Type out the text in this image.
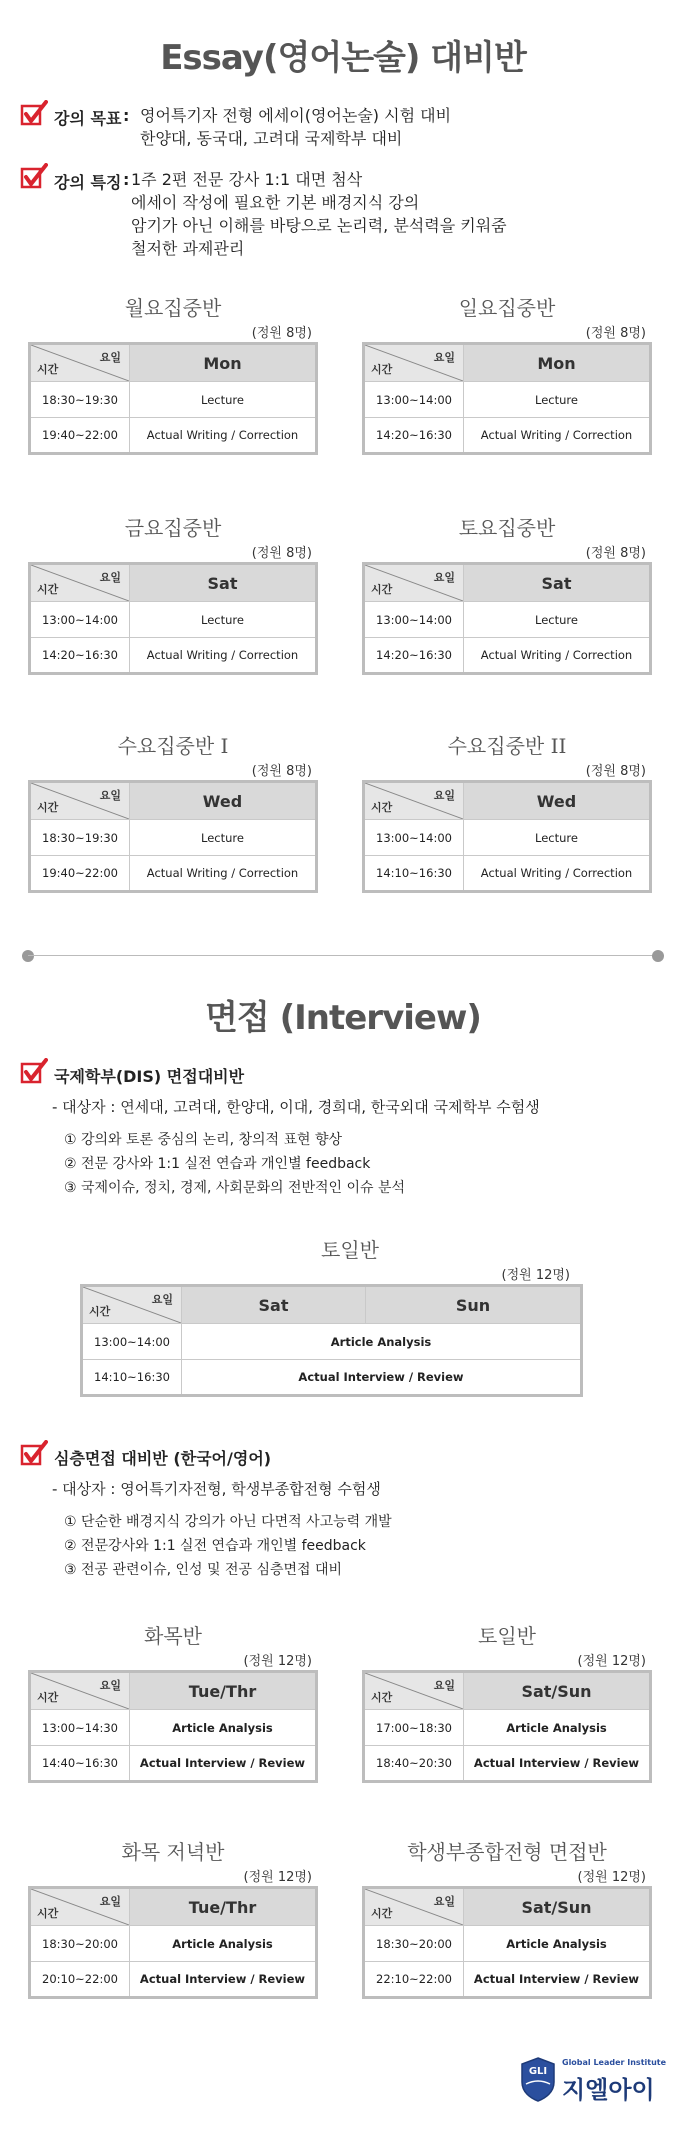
Essay(영어논술) 대비반
강의 목표 : 영어특기자 전형 에세이(영어논술) 시험 대비
한양대, 동국대, 고려대 국제학부 대비
강의 특징 : 1주 2편 전문 강사 1:1 대면 첨삭
에세이 작성에 필요한 기본 배경지식 강의
암기가 아닌 이해를 바탕으로 논리력, 분석력을 키워줌
철저한 과제관리
월요집중반
(정원 8명)
요일
시간	Mon
18:30~19:30	Lecture
19:40~22:00	Actual Writing / Correction
일요집중반
(정원 8명)
요일
시간	Mon
13:00~14:00	Lecture
14:20~16:30	Actual Writing / Correction
금요집중반
(정원 8명)
요일
시간	Sat
13:00~14:00	Lecture
14:20~16:30	Actual Writing / Correction
토요집중반
(정원 8명)
요일
시간	Sat
13:00~14:00	Lecture
14:20~16:30	Actual Writing / Correction
수요집중반 I
(정원 8명)
요일
시간	Wed
18:30~19:30	Lecture
19:40~22:00	Actual Writing / Correction
수요집중반 II
(정원 8명)
요일
시간	Wed
13:00~14:00	Lecture
14:10~16:30	Actual Writing / Correction
면접 (Interview)
국제학부(DIS) 면접대비반
- 대상자 : 연세대, 고려대, 한양대, 이대, 경희대, 한국외대 국제학부 수험생
① 강의와 토론 중심의 논리, 창의적 표현 향상
② 전문 강사와 1:1 실전 연습과 개인별 feedback
③ 국제이슈, 정치, 경제, 사회문화의 전반적인 이슈 분석
토일반
(정원 12명)
요일
시간	Sat	Sun
13:00~14:00	Article Analysis	
14:10~16:30	Actual Interview / Review	
심층면접 대비반 (한국어/영어)
- 대상자 : 영어특기자전형, 학생부종합전형 수험생
① 단순한 배경지식 강의가 아닌 다면적 사고능력 개발
② 전문강사와 1:1 실전 연습과 개인별 feedback
③ 전공 관련이슈, 인성 및 전공 심층면접 대비
화목반
(정원 12명)
요일
시간	Tue/Thr
13:00~14:30	Article Analysis
14:40~16:30	Actual Interview / Review
토일반
(정원 12명)
요일
시간	Sat/Sun
17:00~18:30	Article Analysis
18:40~20:30	Actual Interview / Review
화목 저녁반
(정원 12명)
요일
시간	Tue/Thr
18:30~20:00	Article Analysis
20:10~22:00	Actual Interview / Review
학생부종합전형 면접반
(정원 12명)
요일
시간	Sat/Sun
18:30~20:00	Article Analysis
22:10~22:00	Actual Interview / Review
GLI
Global Leader Institute
지엘아이
